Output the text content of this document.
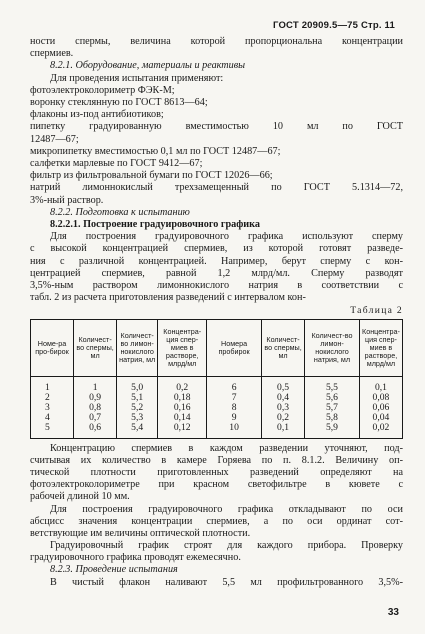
ГОСТ 20909.5—75 Стр. 11
ности спермы, величина которой пропорциональна концентрации
спермиев.
8.2.1. Оборудование, материалы и реактивы
Для проведения испытания применяют:
фотоэлектроколориметр ФЭК-М;
воронку стеклянную по ГОСТ 8613—64;
флаконы из-под антибиотиков;
пипетку градуированную вместимостью 10 мл по ГОСТ
12487—67;
микропипетку вместимостью 0,1 мл по ГОСТ 12487—67;
салфетки марлевые по ГОСТ 9412—67;
фильтр из фильтровальной бумаги по ГОСТ 12026—66;
натрий лимоннокислый трехзамещенный по ГОСТ 5.1314—72,
3%-ный раствор.
8.2.2. Подготовка к испытанию
8.2.2.1. Построение градуировочного графика
Для построения градуировочного графика используют сперму
с высокой концентрацией спермиев, из которой готовят разведе-
ния с различной концентрацией. Например, берут сперму с кон-
центрацией спермиев, равной 1,2 млрд/мл. Сперму разводят
3,5%-ным раствором лимоннокислого натрия в соответствии с
табл. 2 из расчета приготовления разведений с интервалом кон-
Таблица 2
Номе-ра про-бирок	Количест-во спермы, мл	Количест-во лимон-нокислого натрия, мл	Концентра-ция спер-миев в растворе, млрд/мл	Номера пробирок	Количест-во спермы, мл	Количест-во лимон-нокислого натрия, мл	Концентра-ция спер-миев в растворе, млрд/мл
1	1	5,0	0,2	6	0,5	5,5	0,1
2	0,9	5,1	0,18	7	0,4	5,6	0,08
3	0,8	5,2	0,16	8	0,3	5,7	0,06
4	0,7	5,3	0,14	9	0,2	5,8	0,04
5	0,6	5,4	0,12	10	0,1	5,9	0,02
Концентрацию спермиев в каждом разведении уточняют, под-
считывая их количество в камере Горяева по п. 8.1.2. Величину оп-
тической плотности приготовленных разведений определяют на
фотоэлектроколориметре при красном светофильтре в кювете с
рабочей длиной 10 мм.
Для построения градуировочного графика откладывают по оси
абсцисс значения концентрации спермиев, а по оси ординат сот-
ветствующие им величины оптической плотности.
Градуировочный график строят для каждого прибора. Проверку
градуировочного графика проводят ежемесячно.
8.2.3. Проведение испытания
В чистый флакон наливают 5,5 мл профильтрованного 3,5%-
33
